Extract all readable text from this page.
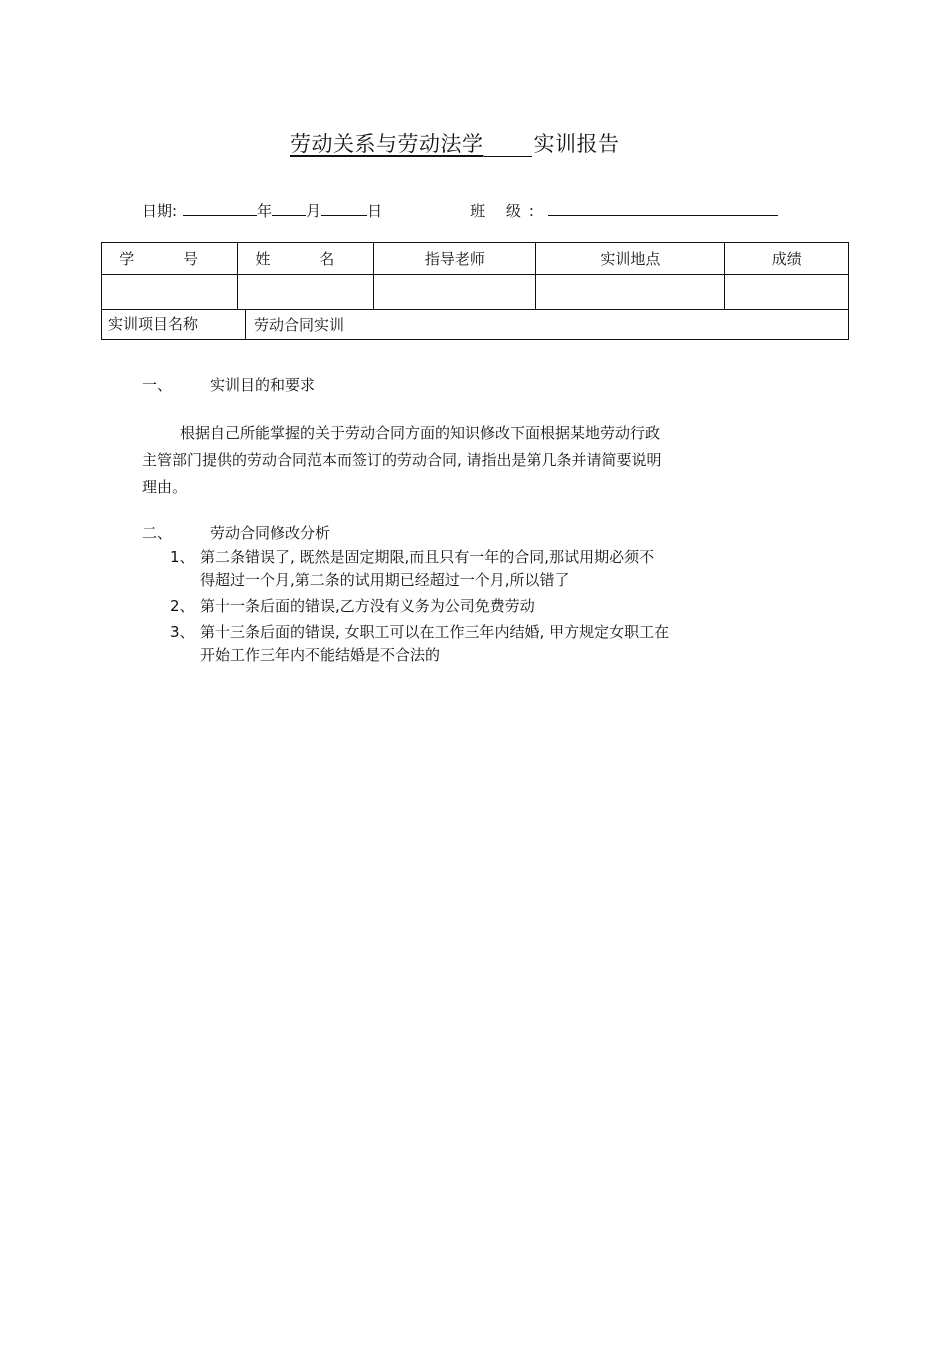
劳动关系与劳动法学 实训报告
日期:	年 月	日	班 级:
学 号	姓 名	指导老师	实训地点	成绩

实训项目名称 劳动合同实训				
一、	实训目的和要求
根据自己所能掌握的关于劳动合同方面的知识修改下面根据某地劳动行政
主管部门提供的劳动合同范本而签订的劳动合同, 请指出是第几条并请简要说明
理由。
二、	劳动合同修改分析
1、 第二条错误了, 既然是固定期限,而且只有一年的合同,那试用期必须不
得超过一个月,第二条的试用期已经超过一个月,所以错了
2、 第十一条后面的错误,乙方没有义务为公司免费劳动
3、 第十三条后面的错误, 女职工可以在工作三年内结婚, 甲方规定女职工在
开始工作三年内不能结婚是不合法的
